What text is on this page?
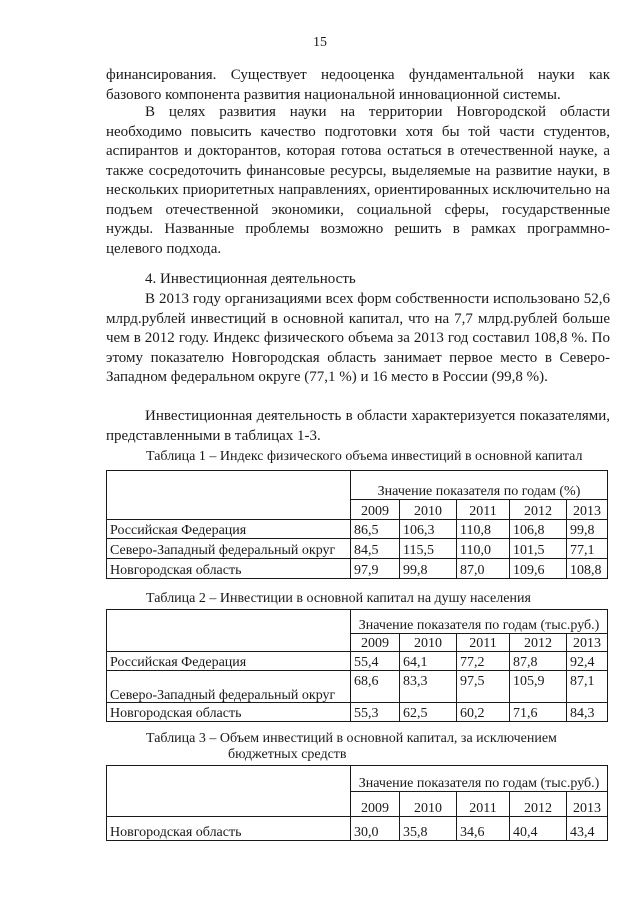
15
финансирования. Существует недооценка фундаментальной науки как базового компонента развития национальной инновационной системы.
В целях развития науки на территории Новгородской области необходимо повысить качество подготовки хотя бы той части студентов, аспирантов и докторантов, которая готова остаться в отечественной науке, а также сосредоточить финансовые ресурсы, выделяемые на развитие науки, в нескольких приоритетных направлениях, ориентированных исключительно на подъем отечественной экономики, социальной сферы, государственные нужды. Названные проблемы возможно решить в рамках программно-целевого подхода.
4. Инвестиционная деятельность
В 2013 году организациями всех форм собственности использовано 52,6 млрд.рублей инвестиций в основной капитал, что на 7,7 млрд.рублей больше чем в 2012 году. Индекс физического объема за 2013 год составил 108,8 %. По этому показателю Новгородская область занимает первое место в Северо-Западном федеральном округе (77,1 %) и 16 место в России (99,8 %).
Инвестиционная деятельность в области характеризуется показателями, представленными в таблицах 1-3.
Таблица 1 – Индекс физического объема инвестиций в основной капитал
	Значение показателя по годам (%)				
	2009	2010	2011	2012	2013
Российская Федерация	86,5	106,3	110,8	106,8	99,8
Северо-Западный федеральный округ	84,5	115,5	110,0	101,5	77,1
Новгородская область	97,9	99,8	87,0	109,6	108,8
Таблица 2 – Инвестиции в основной капитал на душу населения
	Значение показателя по годам (тыс.руб.)				
	2009	2010	2011	2012	2013
Российская Федерация	55,4	64,1	77,2	87,8	92,4
Северо-Западный федеральный округ	68,6	83,3	97,5	105,9	87,1
Новгородская область	55,3	62,5	60,2	71,6	84,3
Таблица 3 – Объем инвестиций в основной капитал, за исключением
бюджетных средств
	Значение показателя по годам (тыс.руб.)				
	2009	2010	2011	2012	2013
Новгородская область	30,0	35,8	34,6	40,4	43,4
